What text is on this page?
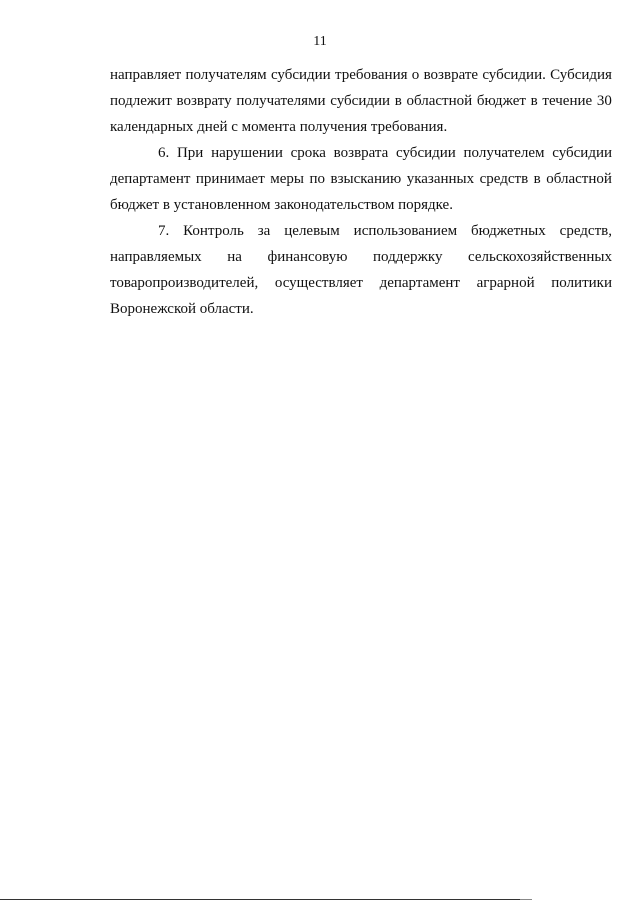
11
направляет получателям субсидии требования о возврате субсидии. Субсидия
подлежит возврату получателями субсидии в областной бюджет в течение 30
календарных дней с момента получения требования.
6. При нарушении срока возврата субсидии получателем субсидии
департамент принимает меры по взысканию указанных средств в областной
бюджет в установленном законодательством порядке.
7. Контроль за целевым использованием бюджетных средств,
направляемых на финансовую поддержку сельскохозяйственных
товаропроизводителей, осуществляет департамент аграрной политики
Воронежской области.
